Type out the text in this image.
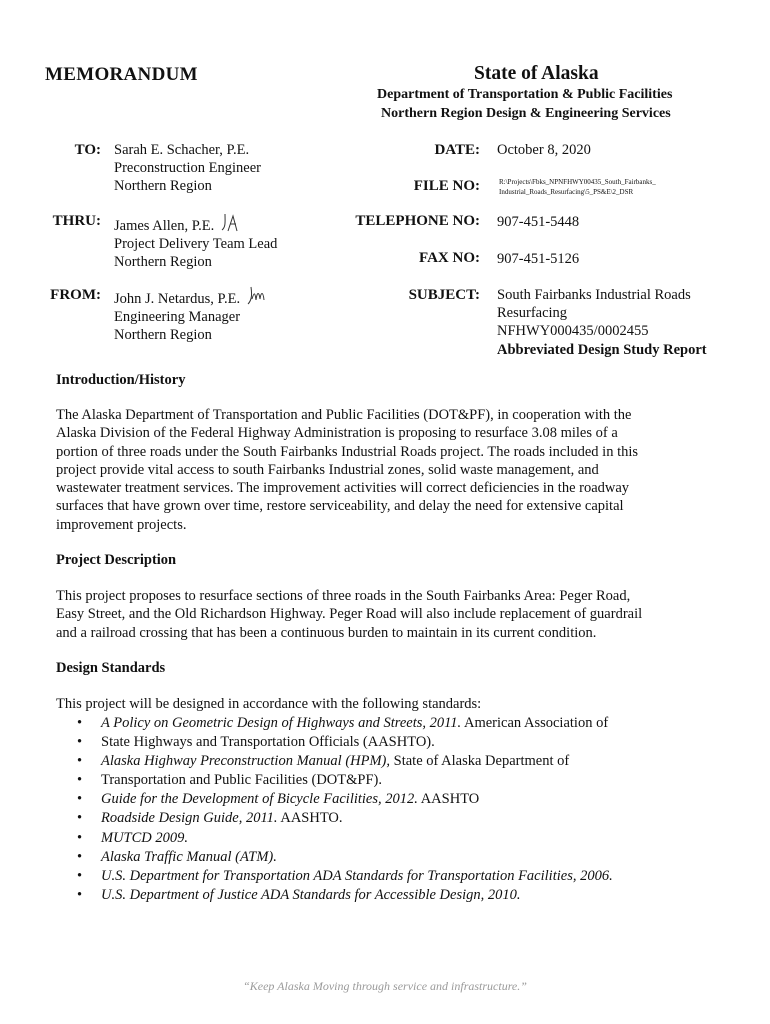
MEMORANDUM	State of Alaska
Department of Transportation & Public Facilities
Northern Region Design & Engineering Services
TO: Sarah E. Schacher, P.E.
Preconstruction Engineer
Northern Region
THRU: James Allen, P.E.
Project Delivery Team Lead
Northern Region
FROM: John J. Netardus, P.E.
Engineering Manager
Northern Region
DATE: October 8, 2020
FILE NO:	R:\Projects\Fbks_NPNFHWY00435_South_Fairbanks_
Industrial_Roads_Resurfacing\5_PS&E\2_DSR
TELEPHONE NO: 907-451-5448
FAX NO: 907-451-5126
SUBJECT: South Fairbanks Industrial Roads
Resurfacing
NFHWY000435/0002455
Abbreviated Design Study Report
Introduction/History
The Alaska Department of Transportation and Public Facilities (DOT&PF), in cooperation with the
Alaska Division of the Federal Highway Administration is proposing to resurface 3.08 miles of a
portion of three roads under the South Fairbanks Industrial Roads project. The roads included in this
project provide vital access to south Fairbanks Industrial zones, solid waste management, and
wastewater treatment services. The improvement activities will correct deficiencies in the roadway
surfaces that have grown over time, restore serviceability, and delay the need for extensive capital
improvement projects.
Project Description
This project proposes to resurface sections of three roads in the South Fairbanks Area: Peger Road,
Easy Street, and the Old Richardson Highway. Peger Road will also include replacement of guardrail
and a railroad crossing that has been a continuous burden to maintain in its current condition.
Design Standards
This project will be designed in accordance with the following standards:
• A Policy on Geometric Design of Highways and Streets, 2011. American Association of
• State Highways and Transportation Officials (AASHTO).
• Alaska Highway Preconstruction Manual (HPM), State of Alaska Department of
• Transportation and Public Facilities (DOT&PF).
• Guide for the Development of Bicycle Facilities, 2012. AASHTO
• Roadside Design Guide, 2011. AASHTO.
• MUTCD 2009.
• Alaska Traffic Manual (ATM).
• U.S. Department for Transportation ADA Standards for Transportation Facilities, 2006.
• U.S. Department of Justice ADA Standards for Accessible Design, 2010.
“Keep Alaska Moving through service and infrastructure.”
